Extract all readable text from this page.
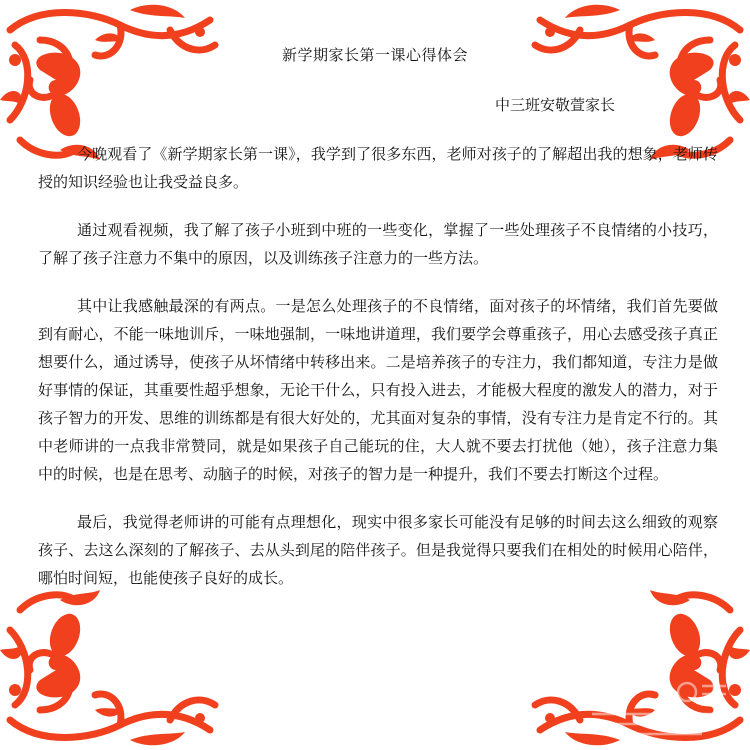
新学期家长第一课心得体会
中三班安敬萱家长

今晚观看了《新学期家长第一课》，我学到了很多东西，老师对孩子的了解超出我的想象，老师传授的知识经验也让我受益良多。

通过观看视频，我了解了孩子小班到中班的一些变化，掌握了一些处理孩子不良情绪的小技巧，了解了孩子注意力不集中的原因，以及训练孩子注意力的一些方法。

其中让我感触最深的有两点。一是怎么处理孩子的不良情绪，面对孩子的坏情绪，我们首先要做到有耐心，不能一味地训斥，一味地强制，一味地讲道理，我们要学会尊重孩子，用心去感受孩子真正想要什么，通过诱导，使孩子从坏情绪中转移出来。二是培养孩子的专注力，我们都知道，专注力是做好事情的保证，其重要性超乎想象，无论干什么，只有投入进去，才能极大程度的激发人的潜力，对于孩子智力的开发、思维的训练都是有很大好处的，尤其面对复杂的事情，没有专注力是肯定不行的。其中老师讲的一点我非常赞同，就是如果孩子自己能玩的住，大人就不要去打扰他（她），孩子注意力集中的时候，也是在思考、动脑子的时候，对孩子的智力是一种提升，我们不要去打断这个过程。

最后，我觉得老师讲的可能有点理想化，现实中很多家长可能没有足够的时间去这么细致的观察孩子、去这么深刻的了解孩子、去从头到尾的陪伴孩子。但是我觉得只要我们在相处的时候用心陪伴，哪怕时间短，也能使孩子良好的成长。
